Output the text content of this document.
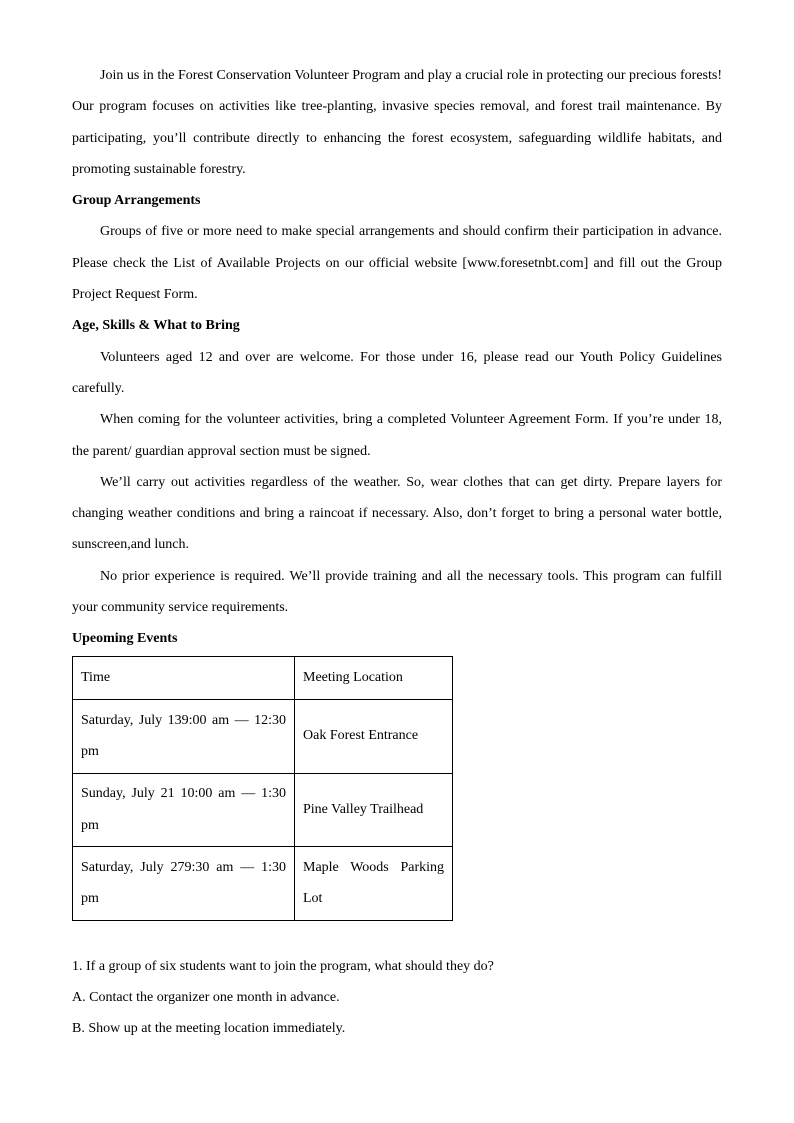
Join us in the Forest Conservation Volunteer Program and play a crucial role in protecting our precious forests! Our program focuses on activities like tree-planting, invasive species removal, and forest trail maintenance. By participating, you’ll contribute directly to enhancing the forest ecosystem, safeguarding wildlife habitats, and promoting sustainable forestry.

Group Arrangements

Groups of five or more need to make special arrangements and should confirm their participation in advance. Please check the List of Available Projects on our official website [www.foresetnbt.com] and fill out the Group Project Request Form.

Age, Skills & What to Bring

Volunteers aged 12 and over are welcome. For those under 16, please read our Youth Policy Guidelines carefully.

When coming for the volunteer activities, bring a completed Volunteer Agreement Form. If you’re under 18, the parent/ guardian approval section must be signed.

We’ll carry out activities regardless of the weather. So, wear clothes that can get dirty. Prepare layers for changing weather conditions and bring a raincoat if necessary. Also, don’t forget to bring a personal water bottle, sunscreen,and lunch.

No prior experience is required. We’ll provide training and all the necessary tools. This program can fulfill your community service requirements.

Upeoming Events

Time	Meeting Location
Saturday, July 139:00 am — 12:30 pm	Oak Forest Entrance
Sunday, July 21 10:00 am — 1:30 pm	Pine Valley Trailhead
Saturday, July 279:30 am — 1:30 pm	Maple Woods Parking Lot

1. If a group of six students want to join the program, what should they do?

A. Contact the organizer one month in advance.

B. Show up at the meeting location immediately.
